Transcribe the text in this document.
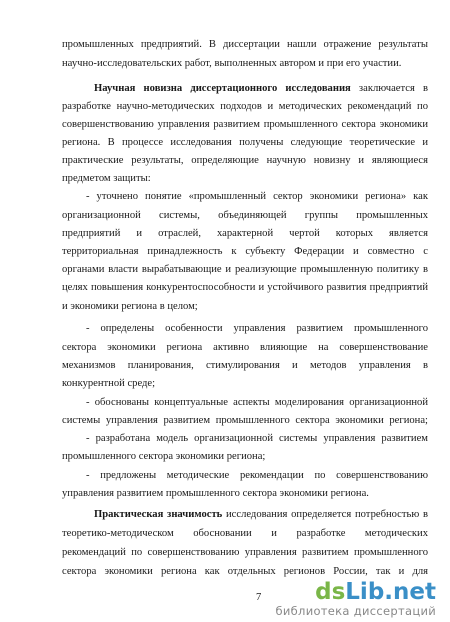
промышленных предприятий. В диссертации нашли отражение результаты
научно-исследовательских работ, выполненных автором и при его участии.
Научная новизна диссертационного исследования заключается в
разработке научно-методических подходов и методических рекомендаций по
совершенствованию управления развитием промышленного сектора экономики
региона. В процессе исследования получены следующие теоретические и
практические результаты, определяющие научную новизну и являющиеся
предметом защиты:
- уточнено понятие «промышленный сектор экономики региона» как
организационной системы, объединяющей группы промышленных
предприятий и отраслей, характерной чертой которых является
территориальная принадлежность к субъекту Федерации и совместно с
органами власти вырабатывающие и реализующие промышленную политику в
целях повышения конкурентоспособности и устойчивого развития предприятий
и экономики региона в целом;
- определены особенности управления развитием промышленного
сектора экономики региона активно влияющие на совершенствование
механизмов планирования, стимулирования и методов управления в
конкурентной среде;
- обоснованы концептуальные аспекты моделирования организационной
системы управления развитием промышленного сектора экономики региона;
- разработана модель организационной системы управления развитием
промышленного сектора экономики региона;
- предложены методические рекомендации по совершенствованию
управления развитием промышленного сектора экономики региона.
Практическая значимость исследования определяется потребностью в
теоретико-методическом обосновании и разработке методических
рекомендаций по совершенствованию управления развитием промышленного
сектора экономики региона как отдельных регионов России, так и для
7	dsLib.net
библиотека диссертаций
